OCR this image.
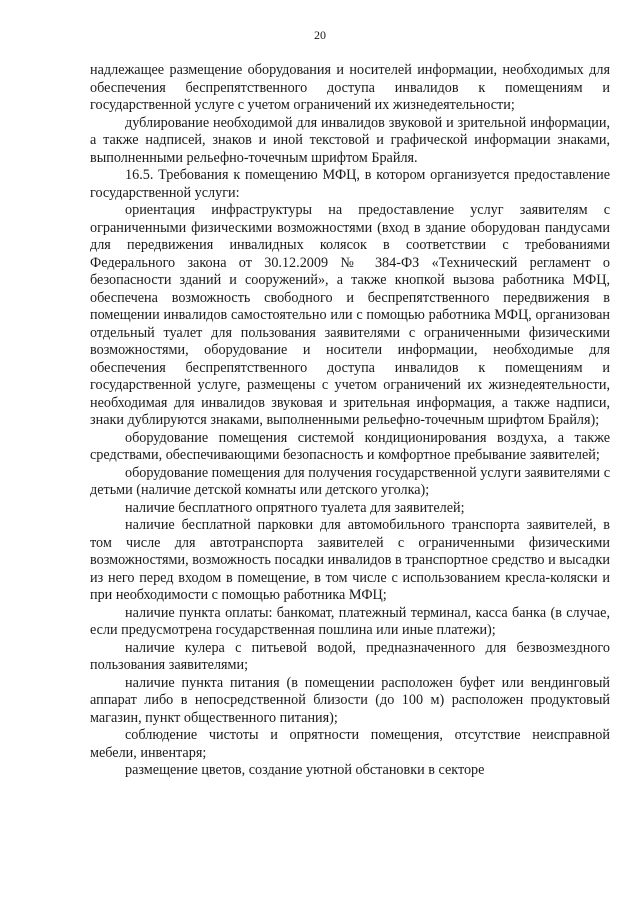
20

надлежащее размещение оборудования и носителей информации, необходимых для обеспечения беспрепятственного доступа инвалидов к помещениям и государственной услуге с учетом ограничений их жизнедеятельности;

дублирование необходимой для инвалидов звуковой и зрительной информации, а также надписей, знаков и иной текстовой и графической информации знаками, выполненными рельефно-точечным шрифтом Брайля.

16.5. Требования к помещению МФЦ, в котором организуется предоставление государственной услуги:

ориентация инфраструктуры на предоставление услуг заявителям с ограниченными физическими возможностями (вход в здание оборудован пандусами для передвижения инвалидных колясок в соответствии с требованиями Федерального закона от 30.12.2009 № 384-ФЗ «Технический регламент о безопасности зданий и сооружений», а также кнопкой вызова работника МФЦ, обеспечена возможность свободного и беспрепятственного передвижения в помещении инвалидов самостоятельно или с помощью работника МФЦ, организован отдельный туалет для пользования заявителями с ограниченными физическими возможностями, оборудование и носители информации, необходимые для обеспечения беспрепятственного доступа инвалидов к помещениям и государственной услуге, размещены с учетом ограничений их жизнедеятельности, необходимая для инвалидов звуковая и зрительная информация, а также надписи, знаки дублируются знаками, выполненными рельефно-точечным шрифтом Брайля);

оборудование помещения системой кондиционирования воздуха, а также средствами, обеспечивающими безопасность и комфортное пребывание заявителей;

оборудование помещения для получения государственной услуги заявителями с детьми (наличие детской комнаты или детского уголка);

наличие бесплатного опрятного туалета для заявителей;

наличие бесплатной парковки для автомобильного транспорта заявителей, в том числе для автотранспорта заявителей с ограниченными физическими возможностями, возможность посадки инвалидов в транспортное средство и высадки из него перед входом в помещение, в том числе с использованием кресла-коляски и при необходимости с помощью работника МФЦ;

наличие пункта оплаты: банкомат, платежный терминал, касса банка (в случае, если предусмотрена государственная пошлина или иные платежи);

наличие кулера с питьевой водой, предназначенного для безвозмездного пользования заявителями;

наличие пункта питания (в помещении расположен буфет или вендинговый аппарат либо в непосредственной близости (до 100 м) расположен продуктовый магазин, пункт общественного питания);

соблюдение чистоты и опрятности помещения, отсутствие неисправной мебели, инвентаря;

размещение цветов, создание уютной обстановки в секторе
